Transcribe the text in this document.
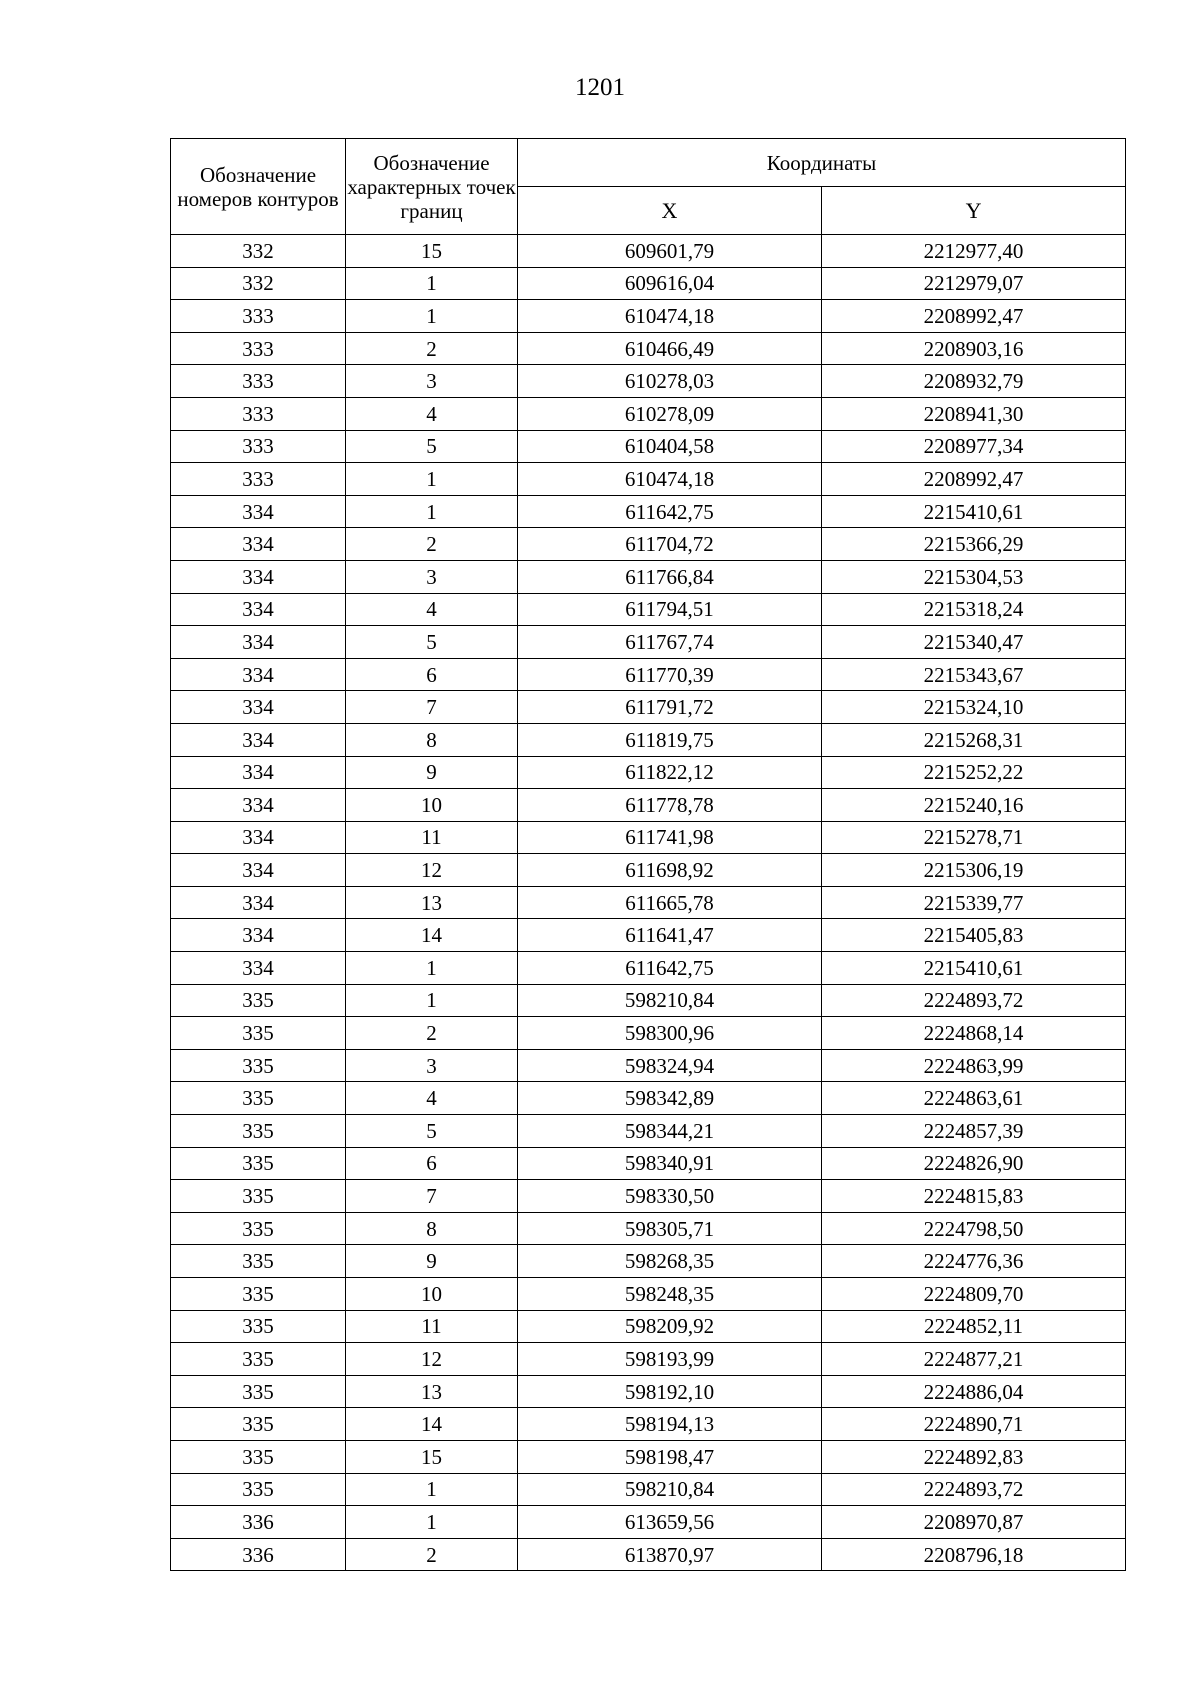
1201
Обозначение номеров контуров	Обозначение характерных точек границ	Координаты	
		X	Y
332	15	609601,79	2212977,40
332	1	609616,04	2212979,07
333	1	610474,18	2208992,47
333	2	610466,49	2208903,16
333	3	610278,03	2208932,79
333	4	610278,09	2208941,30
333	5	610404,58	2208977,34
333	1	610474,18	2208992,47
334	1	611642,75	2215410,61
334	2	611704,72	2215366,29
334	3	611766,84	2215304,53
334	4	611794,51	2215318,24
334	5	611767,74	2215340,47
334	6	611770,39	2215343,67
334	7	611791,72	2215324,10
334	8	611819,75	2215268,31
334	9	611822,12	2215252,22
334	10	611778,78	2215240,16
334	11	611741,98	2215278,71
334	12	611698,92	2215306,19
334	13	611665,78	2215339,77
334	14	611641,47	2215405,83
334	1	611642,75	2215410,61
335	1	598210,84	2224893,72
335	2	598300,96	2224868,14
335	3	598324,94	2224863,99
335	4	598342,89	2224863,61
335	5	598344,21	2224857,39
335	6	598340,91	2224826,90
335	7	598330,50	2224815,83
335	8	598305,71	2224798,50
335	9	598268,35	2224776,36
335	10	598248,35	2224809,70
335	11	598209,92	2224852,11
335	12	598193,99	2224877,21
335	13	598192,10	2224886,04
335	14	598194,13	2224890,71
335	15	598198,47	2224892,83
335	1	598210,84	2224893,72
336	1	613659,56	2208970,87
336	2	613870,97	2208796,18
